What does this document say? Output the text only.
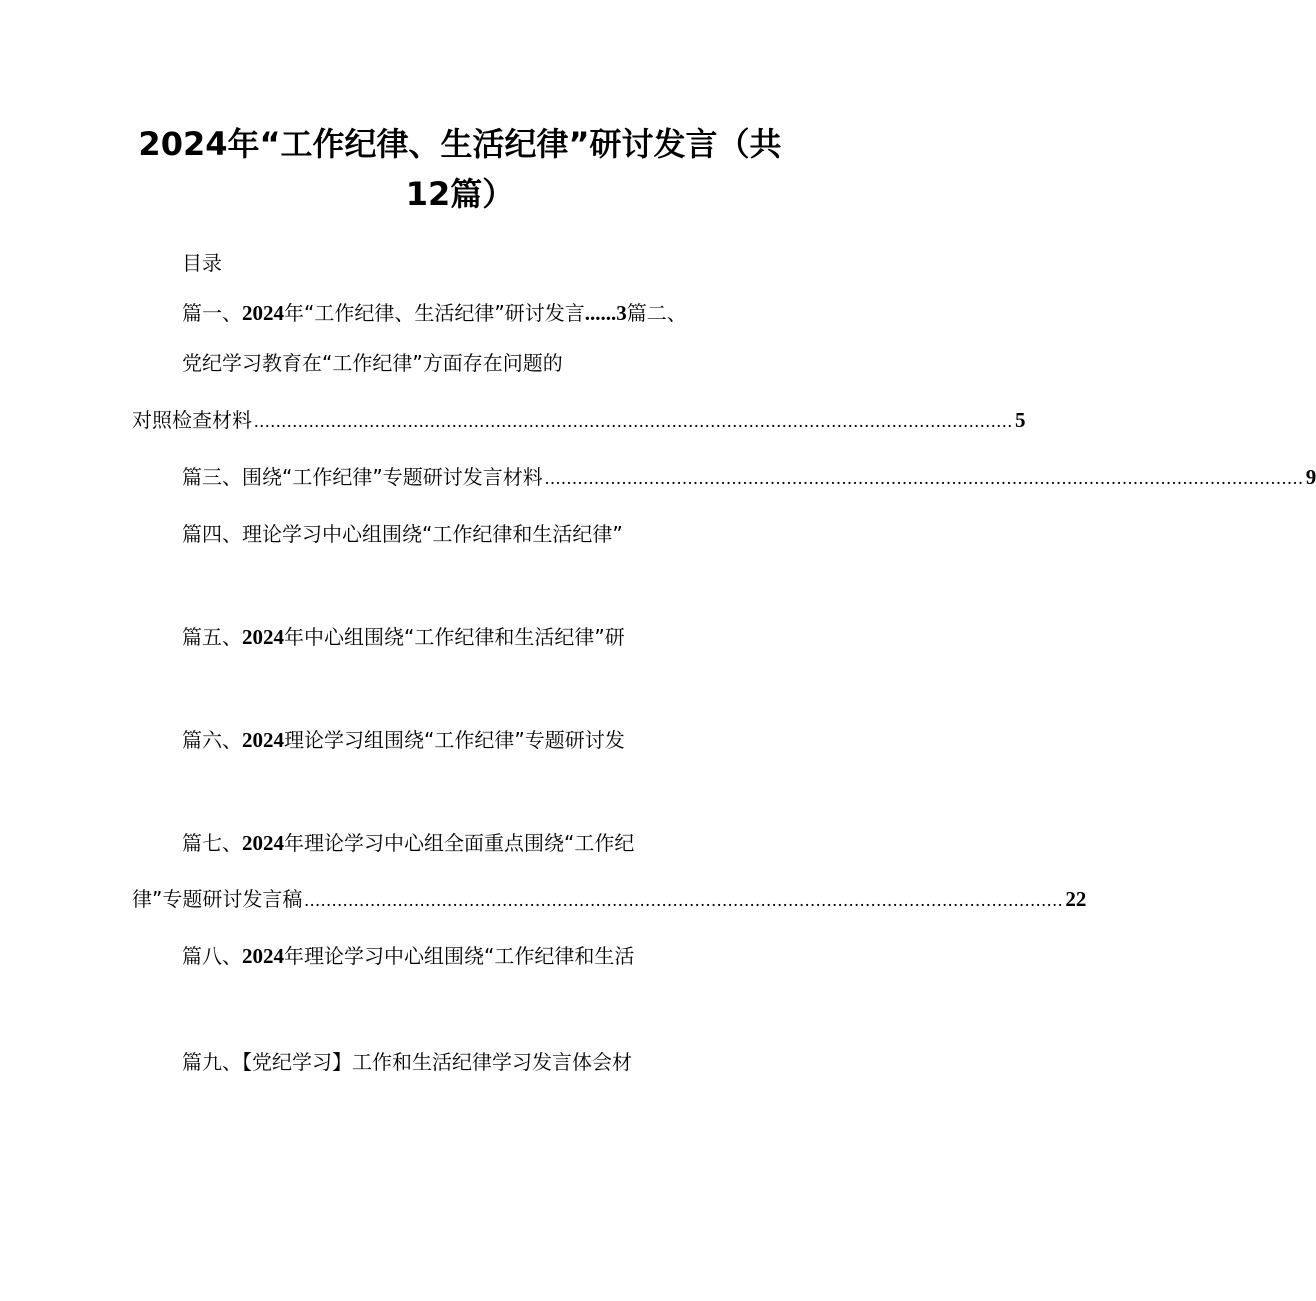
2024年“工作纪律、生活纪律”研讨发言（共
12篇）
目录
篇一、2024年“工作纪律、生活纪律”研讨发言......3篇二、
党纪学习教育在“工作纪律”方面存在问题的
对照检查材料 .......................................................................................................................................... 5
篇三、围绕“工作纪律”专题研讨发言材料 .......................................................................................................................................... 9
篇四、理论学习中心组围绕“工作纪律和生活纪律”
篇五、2024年中心组围绕“工作纪律和生活纪律”研
篇六、2024理论学习组围绕“工作纪律”专题研讨发
篇七、2024年理论学习中心组全面重点围绕“工作纪
律”专题研讨发言稿 .......................................................................................................................................... 22
篇八、2024年理论学习中心组围绕“工作纪律和生活
篇九、【党纪学习】工作和生活纪律学习发言体会材
